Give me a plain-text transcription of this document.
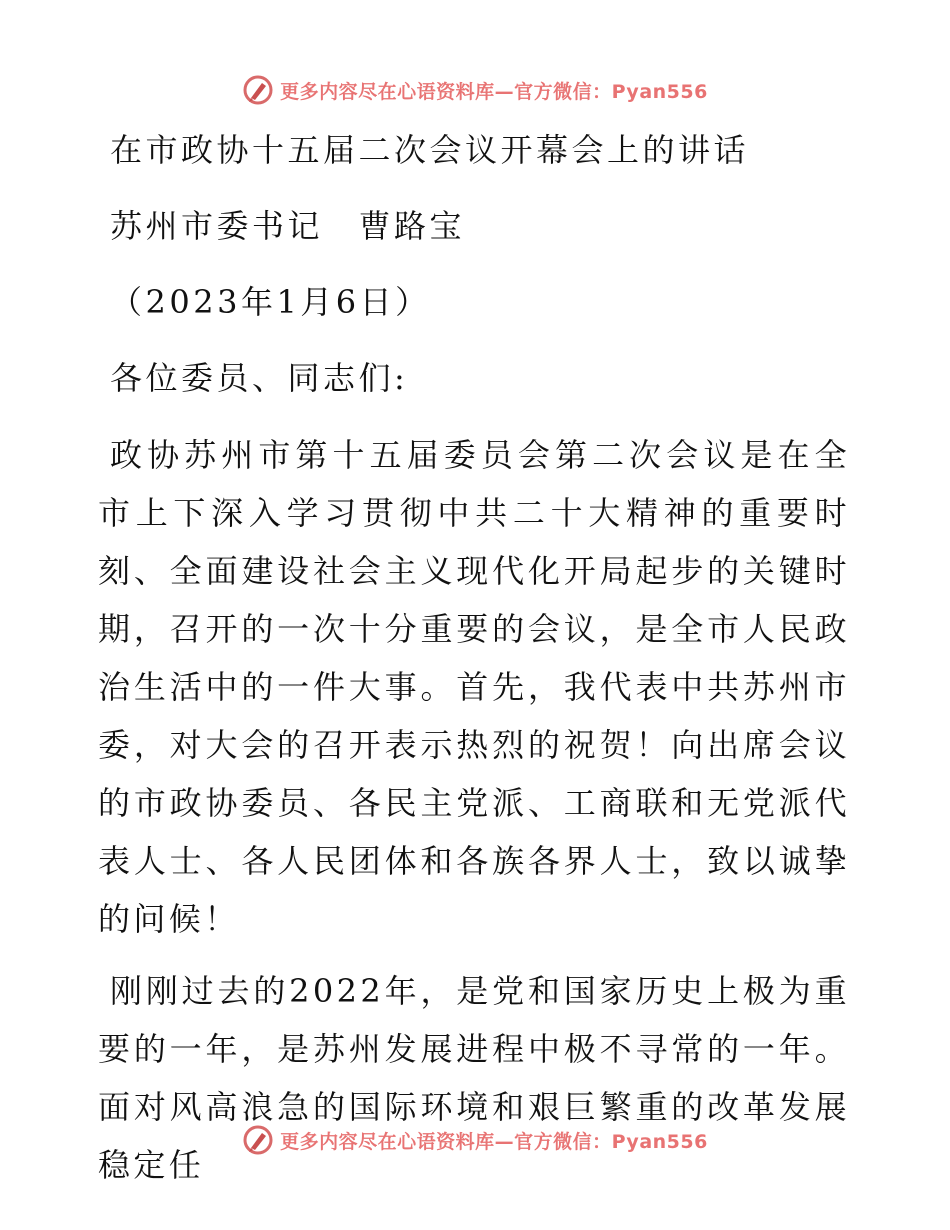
更多内容尽在心语资料库—官方微信：Pyan556
在市政协十五届二次会议开幕会上的讲话
苏州市委书记　曹路宝
（2023年1月6日）
各位委员、同志们:

政协苏州市第十五届委员会第二次会议是在全市上下深入学习贯彻中共二十大精神的重要时刻、全面建设社会主义现代化开局起步的关键时期，召开的一次十分重要的会议，是全市人民政治生活中的一件大事。首先，我代表中共苏州市委，对大会的召开表示热烈的祝贺！向出席会议的市政协委员、各民主党派、工商联和无党派代表人士、各人民团体和各族各界人士，致以诚挚的问候！

刚刚过去的2022年，是党和国家历史上极为重要的一年，是苏州发展进程中极不寻常的一年。面对风高浪急的国际环境和艰巨繁重的改革发展稳定任

更多内容尽在心语资料库—官方微信：Pyan556
